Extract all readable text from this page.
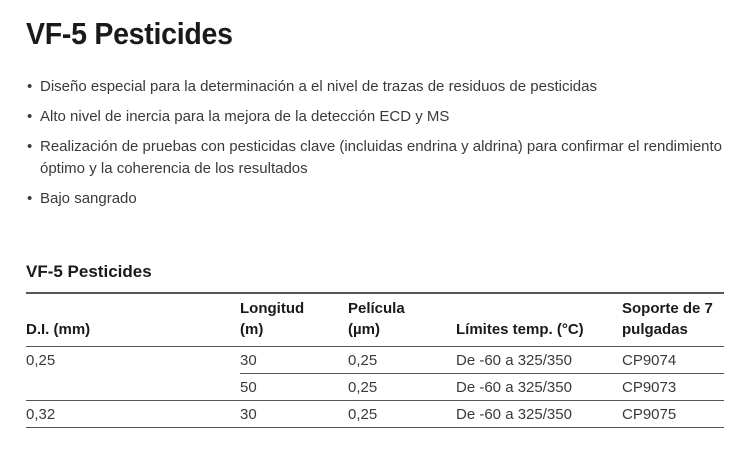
VF-5 Pesticides
• Diseño especial para la determinación a el nivel de trazas de residuos de pesticidas
• Alto nivel de inercia para la mejora de la detección ECD y MS
• Realización de pruebas con pesticidas clave (incluidas endrina y aldrina) para confirmar el rendimiento óptimo y la coherencia de los resultados
• Bajo sangrado
VF-5 Pesticides
D.I. (mm)	Longitud (m)	Película (µm)	Límites temp. (°C)	Soporte de 7 pulgadas
0,25	30	0,25	De -60 a 325/350	CP9074
	50	0,25	De -60 a 325/350	CP9073
0,32	30	0,25	De -60 a 325/350	CP9075
